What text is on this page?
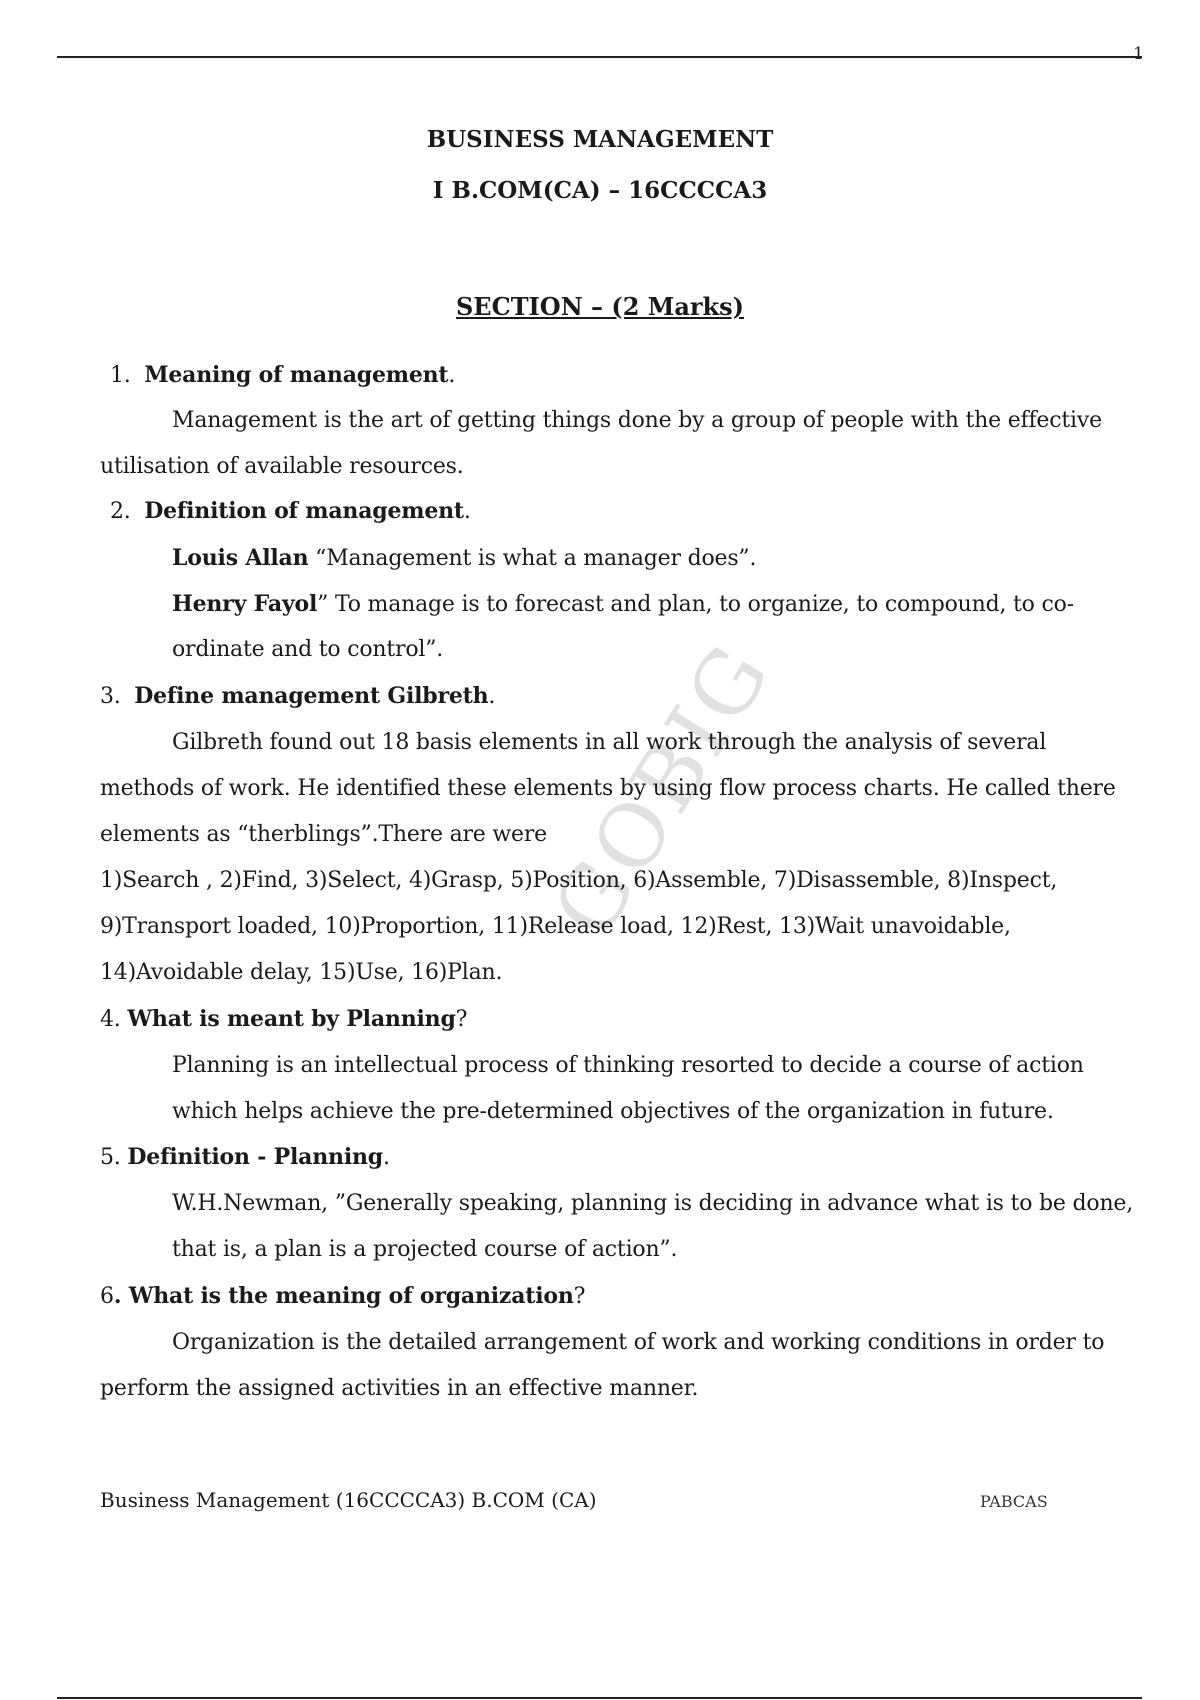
1
BUSINESS MANAGEMENT
I B.COM(CA) – 16CCCCA3
SECTION – (2 Marks)
GOBIG
1. Meaning of management.
Management is the art of getting things done by a group of people with the effective
utilisation of available resources.
2. Definition of management.
Louis Allan “Management is what a manager does”.
Henry Fayol” To manage is to forecast and plan, to organize, to compound, to co-
ordinate and to control”.
3. Define management Gilbreth.
Gilbreth found out 18 basis elements in all work through the analysis of several
methods of work. He identified these elements by using flow process charts. He called there
elements as “therblings”.There are were
1)Search , 2)Find, 3)Select, 4)Grasp, 5)Position, 6)Assemble, 7)Disassemble, 8)Inspect,
9)Transport loaded, 10)Proportion, 11)Release load, 12)Rest, 13)Wait unavoidable,
14)Avoidable delay, 15)Use, 16)Plan.
4. What is meant by Planning?
Planning is an intellectual process of thinking resorted to decide a course of action
which helps achieve the pre-determined objectives of the organization in future.
5. Definition - Planning.
W.H.Newman, ”Generally speaking, planning is deciding in advance what is to be done,
that is, a plan is a projected course of action”.
6. What is the meaning of organization?
Organization is the detailed arrangement of work and working conditions in order to
perform the assigned activities in an effective manner.
Business Management (16CCCCA3) B.COM (CA)	PABCAS
